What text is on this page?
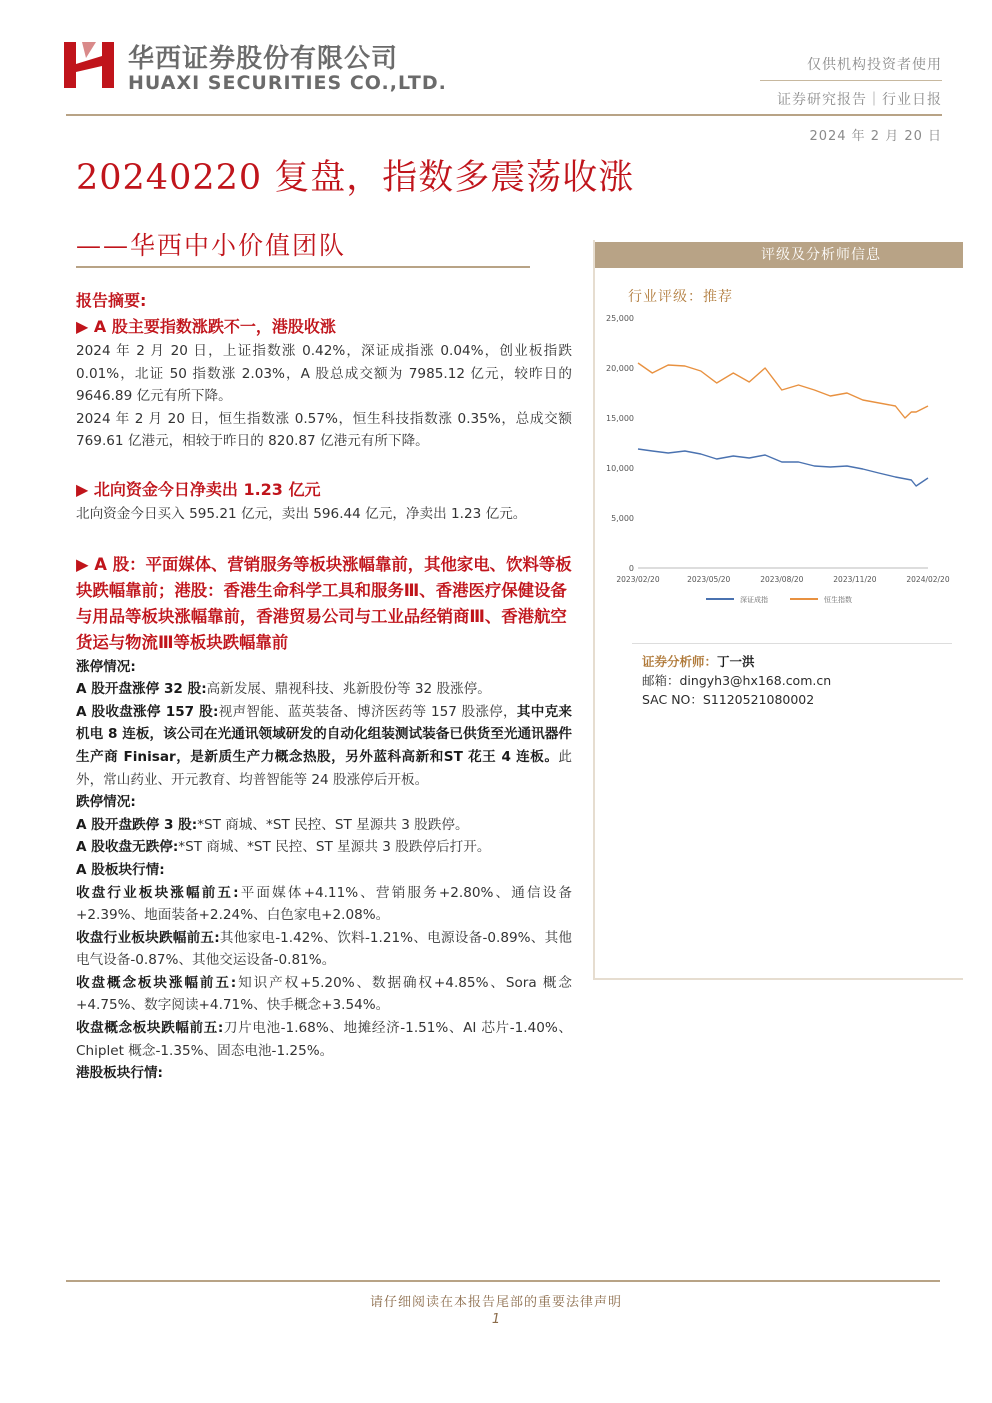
华西证券股份有限公司
HUAXI SECURITIES CO.,LTD.
仅供机构投资者使用
证券研究报告｜行业日报
2024 年 2 月 20 日
20240220 复盘，指数多震荡收涨
——华西中小价值团队

报告摘要:

▶ A 股主要指数涨跌不一，港股收涨

2024 年 2 月 20 日，上证指数涨 0.42%，深证成指涨 0.04%，创业板指跌 0.01%，北证 50 指数涨 2.03%，A 股总成交额为 7985.12 亿元，较昨日的 9646.89 亿元有所下降。

2024 年 2 月 20 日，恒生指数涨 0.57%，恒生科技指数涨 0.35%，总成交额 769.61 亿港元，相较于昨日的 820.87 亿港元有所下降。

▶ 北向资金今日净卖出 1.23 亿元

北向资金今日买入 595.21 亿元，卖出 596.44 亿元，净卖出 1.23 亿元。

▶ A 股：平面媒体、营销服务等板块涨幅靠前，其他家电、饮料等板块跌幅靠前；港股：香港生命科学工具和服务Ⅲ、香港医疗保健设备与用品等板块涨幅靠前，香港贸易公司与工业品经销商Ⅲ、香港航空货运与物流Ⅲ等板块跌幅靠前

涨停情况:

A 股开盘涨停 32 股:高新发展、鼎视科技、兆新股份等 32 股涨停。

A 股收盘涨停 157 股:视声智能、蓝英装备、博济医药等 157 股涨停，其中克来机电 8 连板，该公司在光通讯领域研发的自动化组装测试装备已供货至光通讯器件生产商 Finisar，是新质生产力概念热股，另外蓝科高新和ST 花王 4 连板。此外，常山药业、开元教育、均普智能等 24 股涨停后开板。

跌停情况:

A 股开盘跌停 3 股:*ST 商城、*ST 民控、ST 星源共 3 股跌停。

A 股收盘无跌停:*ST 商城、*ST 民控、ST 星源共 3 股跌停后打开。

A 股板块行情:

收盘行业板块涨幅前五:平面媒体+4.11%、营销服务+2.80%、通信设备+2.39%、地面装备+2.24%、白色家电+2.08%。

收盘行业板块跌幅前五:其他家电-1.42%、饮料-1.21%、电源设备-0.89%、其他电气设备-0.87%、其他交运设备-0.81%。

收盘概念板块涨幅前五:知识产权+5.20%、数据确权+4.85%、Sora 概念+4.75%、数字阅读+4.71%、快手概念+3.54%。

收盘概念板块跌幅前五:刀片电池-1.68%、地摊经济-1.51%、AI 芯片-1.40%、Chiplet 概念-1.35%、固态电池-1.25%。

港股板块行情:

评级及分析师信息
行业评级：推荐
25,000
20,000
15,000
10,000
5,000
0
2023/02/20	2023/05/20	2023/08/20	2023/11/20	2024/02/20
深证成指	恒生指数
证券分析师：丁一洪
邮箱：dingyh3@hx168.com.cn
SAC NO：S1120521080002
请仔细阅读在本报告尾部的重要法律声明
1
